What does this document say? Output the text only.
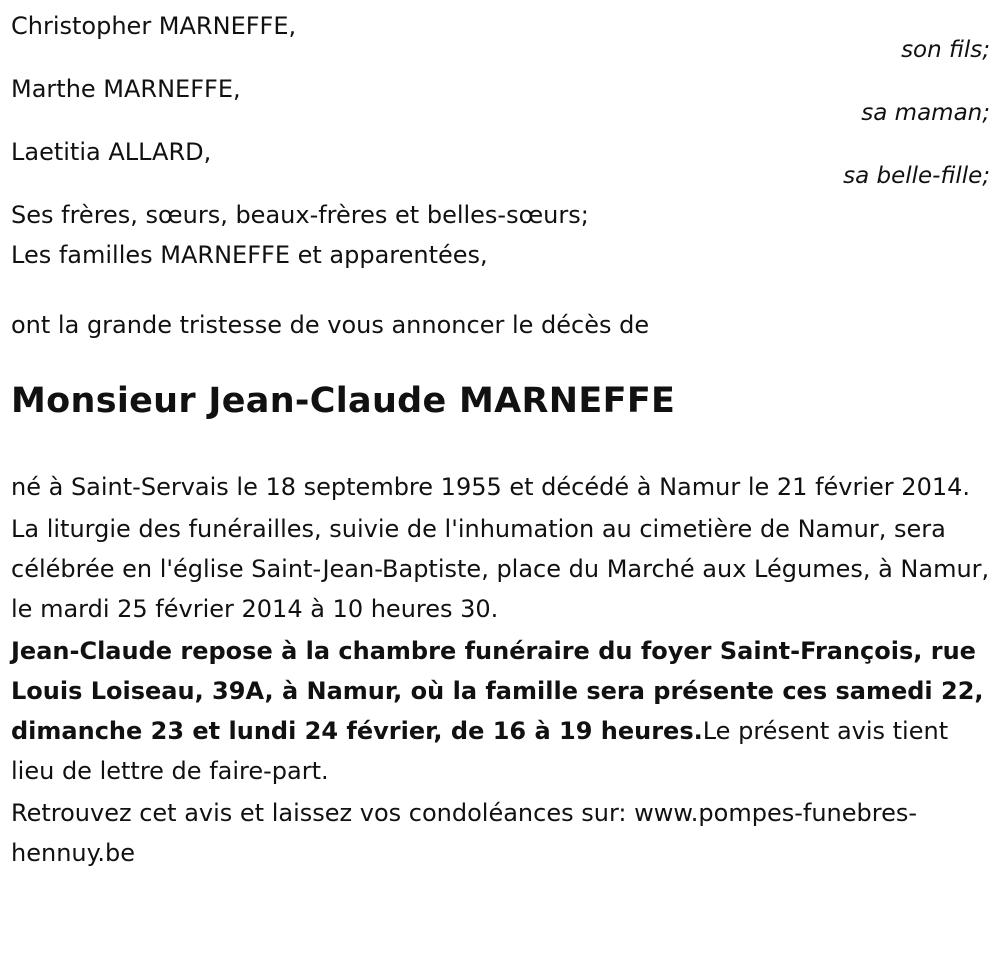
Christopher MARNEFFE,
son fils;
Marthe MARNEFFE,
sa maman;
Laetitia ALLARD,
sa belle-fille;
Ses frères, sœurs, beaux-frères et belles-sœurs;
Les familles MARNEFFE et apparentées,
ont la grande tristesse de vous annoncer le décès de
Monsieur Jean-Claude MARNEFFE
né à Saint-Servais le 18 septembre 1955 et décédé à Namur le 21 février 2014.
La liturgie des funérailles, suivie de l'inhumation au cimetière de Namur, sera célébrée en l'église Saint-Jean-Baptiste, place du Marché aux Légumes, à Namur, le mardi 25 février 2014 à 10 heures 30.
Jean-Claude repose à la chambre funéraire du foyer Saint-François, rue Louis Loiseau, 39A, à Namur, où la famille sera présente ces samedi 22, dimanche 23 et lundi 24 février, de 16 à 19 heures.Le présent avis tient lieu de lettre de faire-part.
Retrouvez cet avis et laissez vos condoléances sur: www.pompes-funebres-hennuy.be
